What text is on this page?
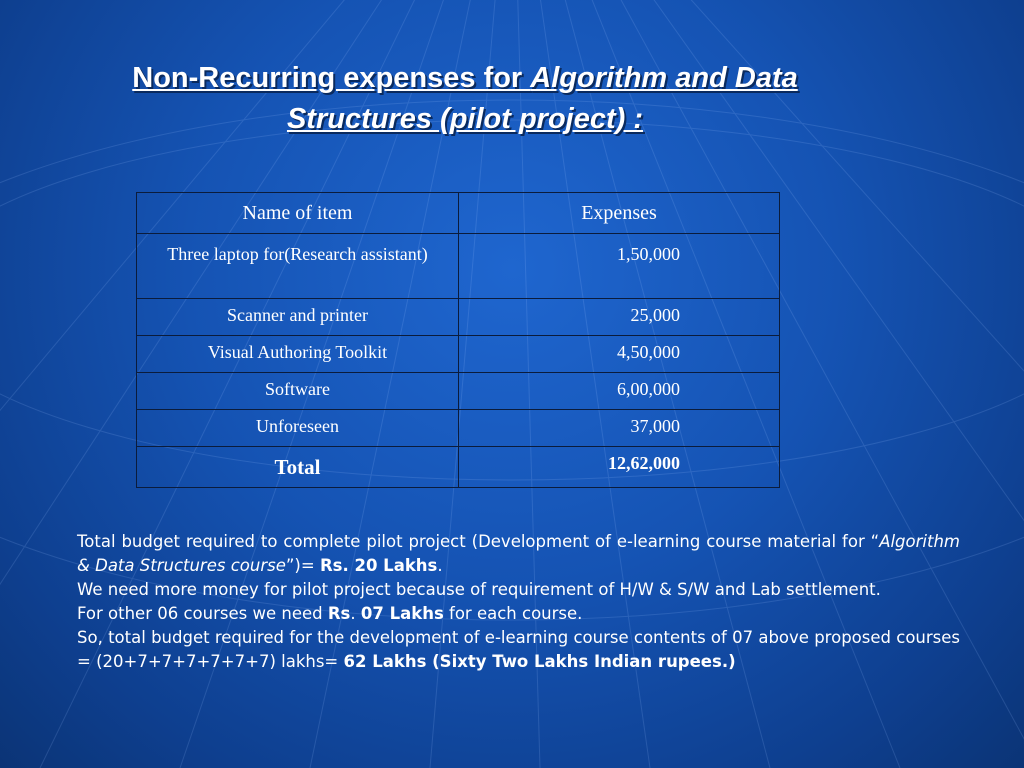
Non-Recurring expenses for Algorithm and Data
Structures (pilot project) :
Name of item	Expenses
Three laptop for(Research assistant)	1,50,000
Scanner and printer	25,000
Visual Authoring Toolkit	4,50,000
Software	6,00,000
Unforeseen	37,000
Total	12,62,000

Total budget required to complete pilot project (Development of e-learning course material for “Algorithm & Data Structures course”)= Rs. 20 Lakhs.

We need more money for pilot project because of requirement of H/W & S/W and Lab settlement.

For other 06 courses we need Rs. 07 Lakhs for each course.

So, total budget required for the development of e-learning course contents of 07 above proposed courses = (20+7+7+7+7+7+7) lakhs= 62 Lakhs (Sixty Two Lakhs Indian rupees.)
